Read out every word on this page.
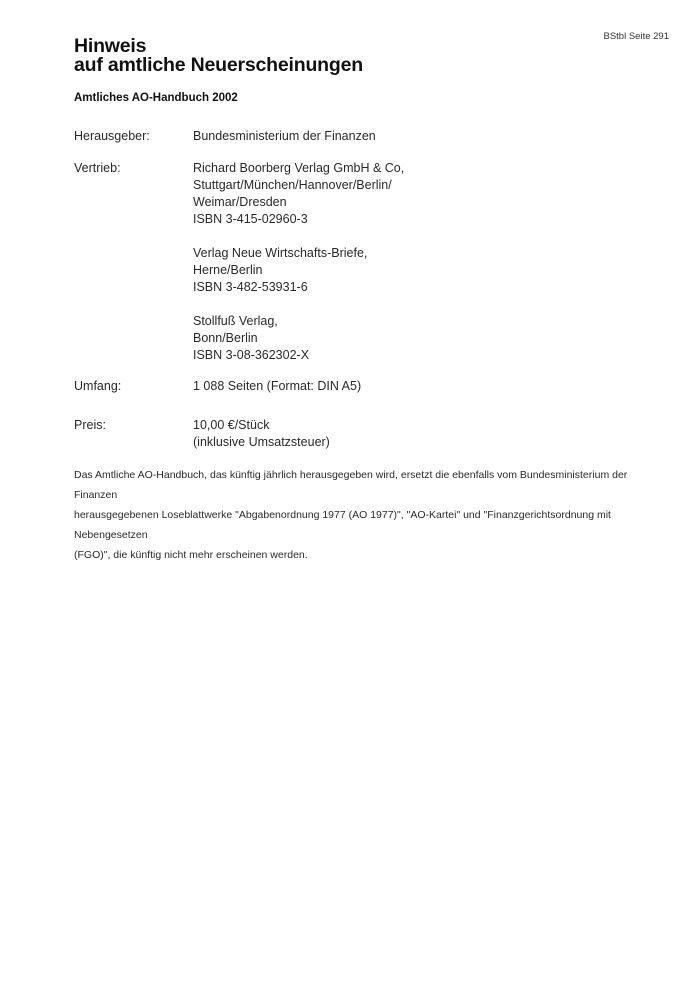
BStbl Seite 291
Hinweis
auf amtliche Neuerscheinungen
Amtliches AO-Handbuch 2002
Herausgeber:	Bundesministerium der Finanzen
Vertrieb:	Richard Boorberg Verlag GmbH & Co,
Stuttgart/München/Hannover/Berlin/
Weimar/Dresden
ISBN 3-415-02960-3
Verlag Neue Wirtschafts-Briefe,
Herne/Berlin
ISBN 3-482-53931-6
Stollfuß Verlag,
Bonn/Berlin
ISBN 3-08-362302-X
Umfang:	1 088 Seiten (Format: DIN A5)
Preis:	10,00 €/Stück
(inklusive Umsatzsteuer)
Das Amtliche AO-Handbuch, das künftig jährlich herausgegeben wird, ersetzt die ebenfalls vom Bundesministerium der Finanzen
herausgegebenen Loseblattwerke "Abgabenordnung 1977 (AO 1977)", "AO-Kartei" und "Finanzgerichtsordnung mit Nebengesetzen
(FGO)", die künftig nicht mehr erscheinen werden.
